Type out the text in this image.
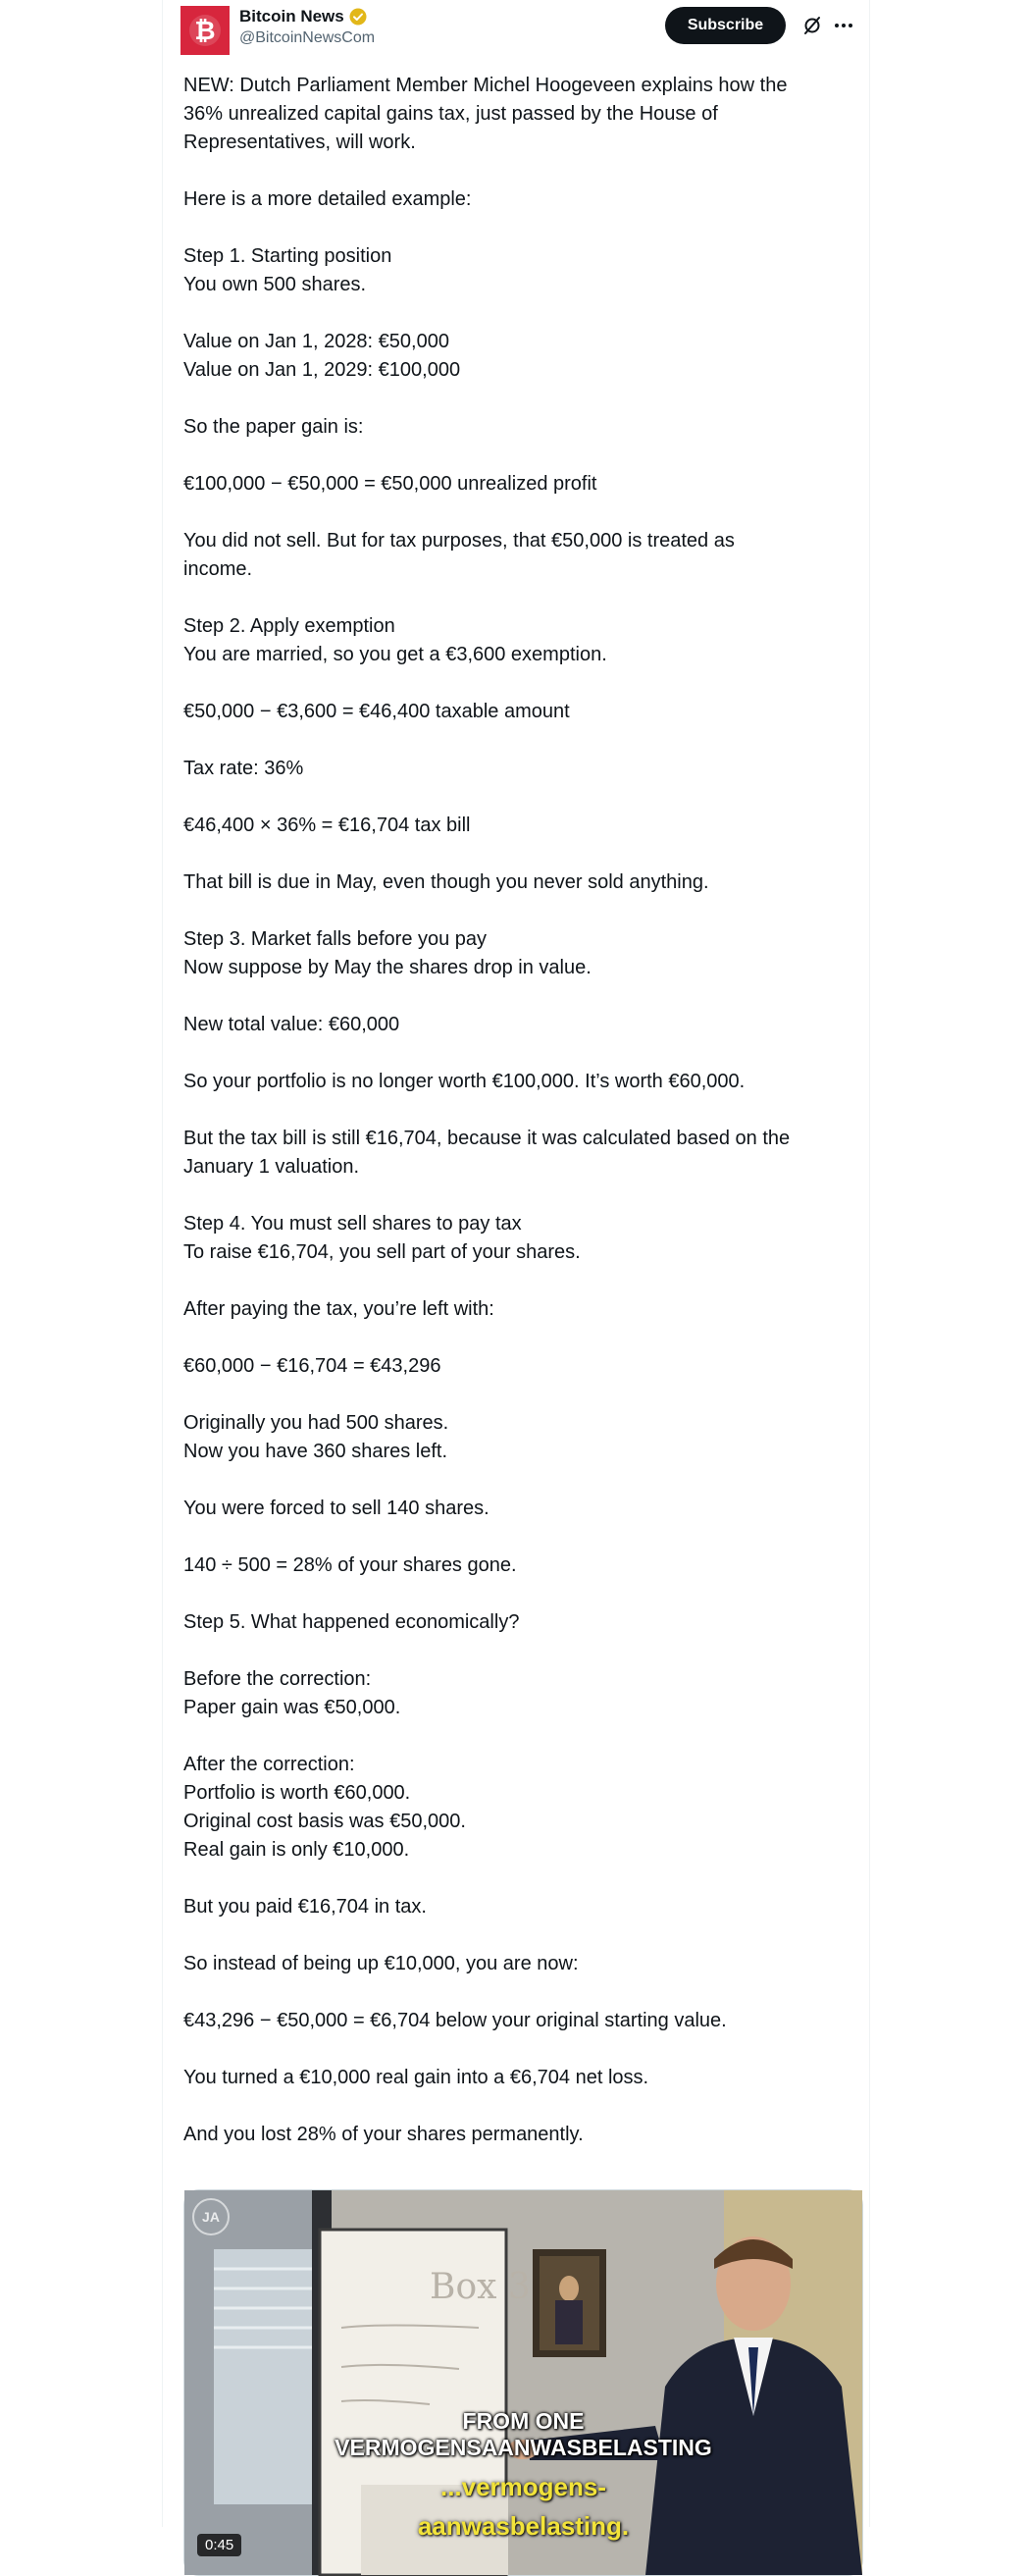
₿
Bitcoin News
@BitcoinNewsCom
Subscribe

NEW: Dutch Parliament Member Michel Hoogeveen explains how the
36% unrealized capital gains tax, just passed by the House of
Representatives, will work.

Here is a more detailed example:

Step 1. Starting position
You own 500 shares.

Value on Jan 1, 2028: €50,000
Value on Jan 1, 2029: €100,000

So the paper gain is:

€100,000 − €50,000 = €50,000 unrealized profit

You did not sell. But for tax purposes, that €50,000 is treated as
income.

Step 2. Apply exemption
You are married, so you get a €3,600 exemption.

€50,000 − €3,600 = €46,400 taxable amount

Tax rate: 36%

€46,400 × 36% = €16,704 tax bill

That bill is due in May, even though you never sold anything.

Step 3. Market falls before you pay
Now suppose by May the shares drop in value.

New total value: €60,000

So your portfolio is no longer worth €100,000. It’s worth €60,000.

But the tax bill is still €16,704, because it was calculated based on the
January 1 valuation.

Step 4. You must sell shares to pay tax
To raise €16,704, you sell part of your shares.

After paying the tax, you’re left with:

€60,000 − €16,704 = €43,296

Originally you had 500 shares.
Now you have 360 shares left.

You were forced to sell 140 shares.

140 ÷ 500 = 28% of your shares gone.

Step 5. What happened economically?

Before the correction:
Paper gain was €50,000.

After the correction:
Portfolio is worth €60,000.
Original cost basis was €50,000.
Real gain is only €10,000.

But you paid €16,704 in tax.

So instead of being up €10,000, you are now:

€43,296 − €50,000 = €6,704 below your original starting value.

You turned a €10,000 real gain into a €6,704 net loss.

And you lost 28% of your shares permanently.

Box 3
JA
FROM ONE
VERMOGENSAANWASBELASTING
...vermogens-
aanwasbelasting.
0:45
